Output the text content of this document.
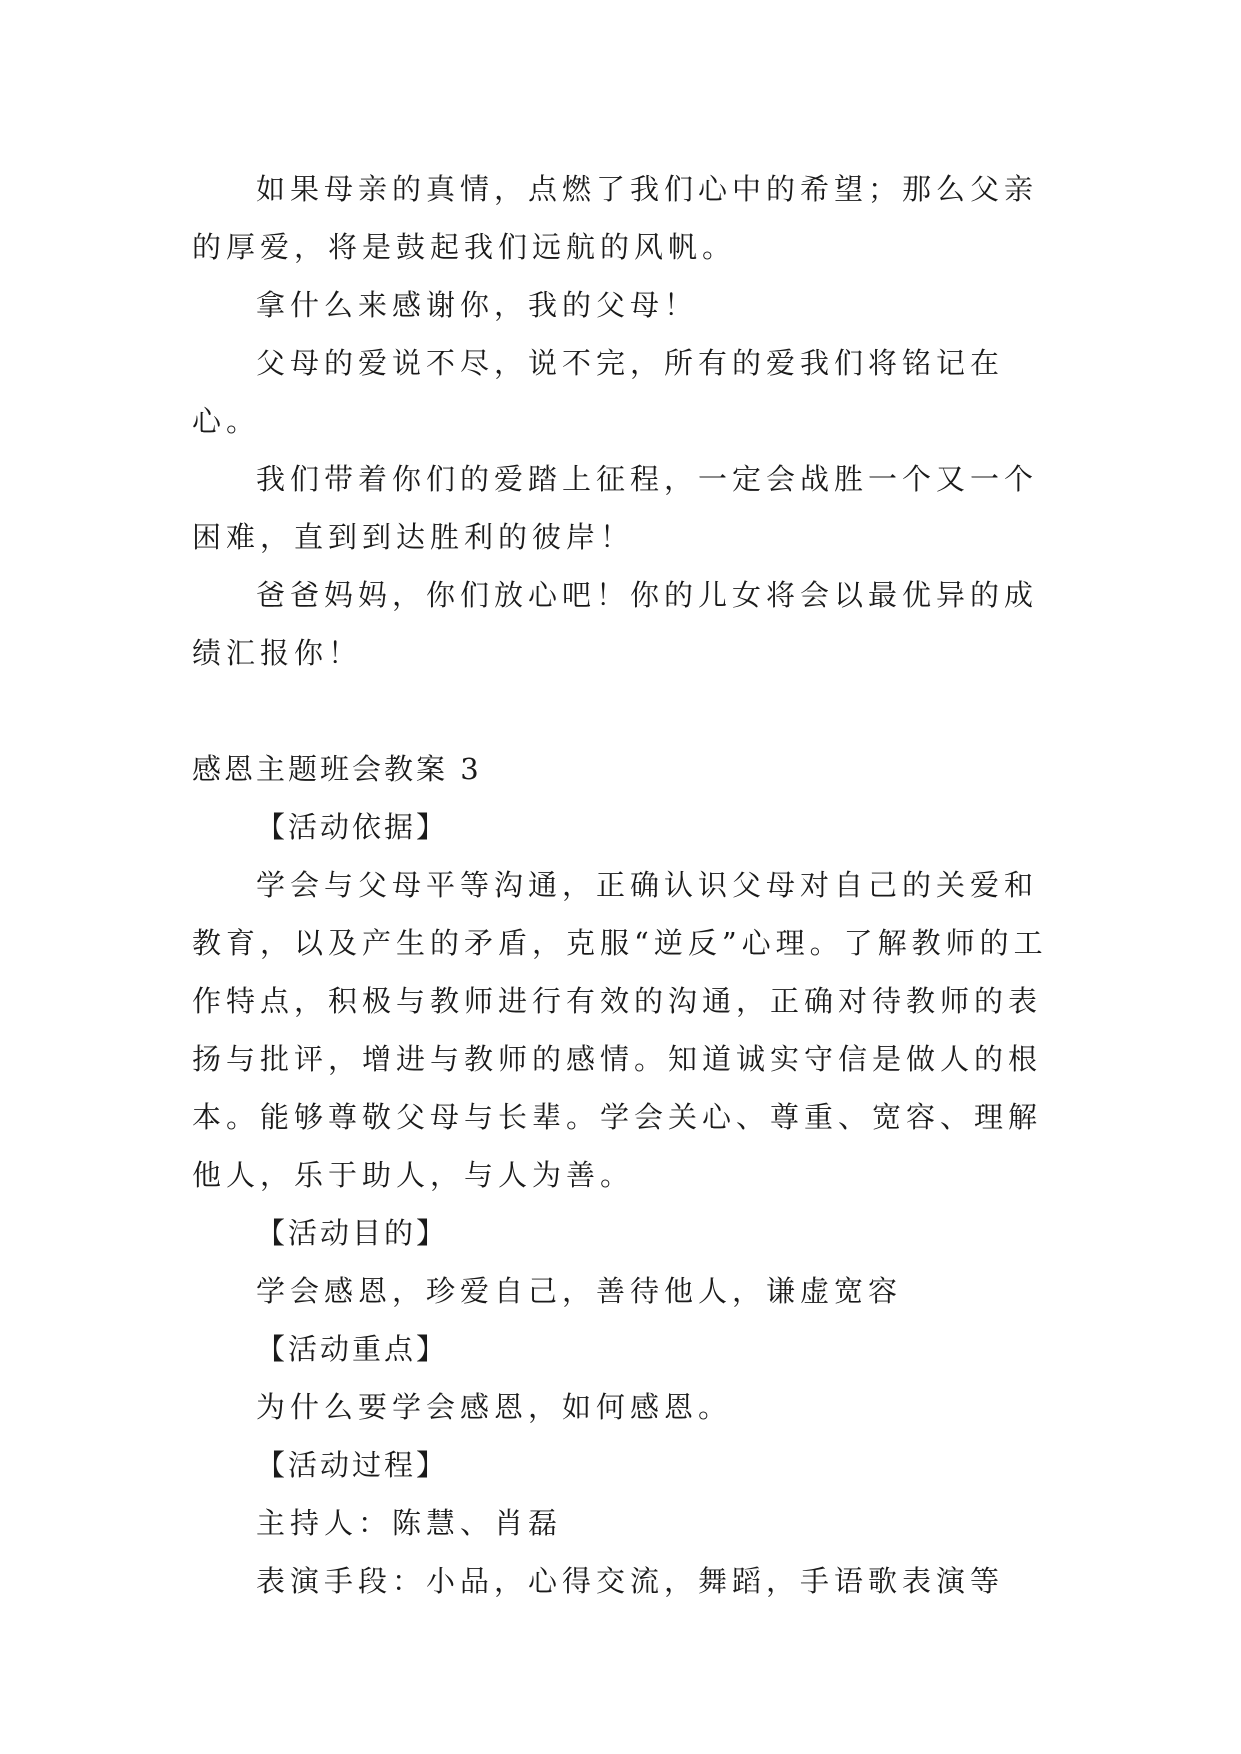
如果母亲的真情，点燃了我们心中的希望；那么父亲的厚爱，将是鼓起我们远航的风帆。

拿什么来感谢你，我的父母！

父母的爱说不尽，说不完，所有的爱我们将铭记在心。

我们带着你们的爱踏上征程，一定会战胜一个又一个困难，直到到达胜利的彼岸！

爸爸妈妈，你们放心吧！你的儿女将会以最优异的成绩汇报你！

感恩主题班会教案 3

【活动依据】

学会与父母平等沟通，正确认识父母对自己的关爱和教育，以及产生的矛盾，克服“逆反”心理。了解教师的工作特点，积极与教师进行有效的沟通，正确对待教师的表扬与批评，增进与教师的感情。知道诚实守信是做人的根本。能够尊敬父母与长辈。学会关心、尊重、宽容、理解他人，乐于助人，与人为善。

【活动目的】

学会感恩，珍爱自己，善待他人，谦虚宽容

【活动重点】

为什么要学会感恩，如何感恩。

【活动过程】

主持人：陈慧、肖磊

表演手段：小品，心得交流，舞蹈，手语歌表演等
